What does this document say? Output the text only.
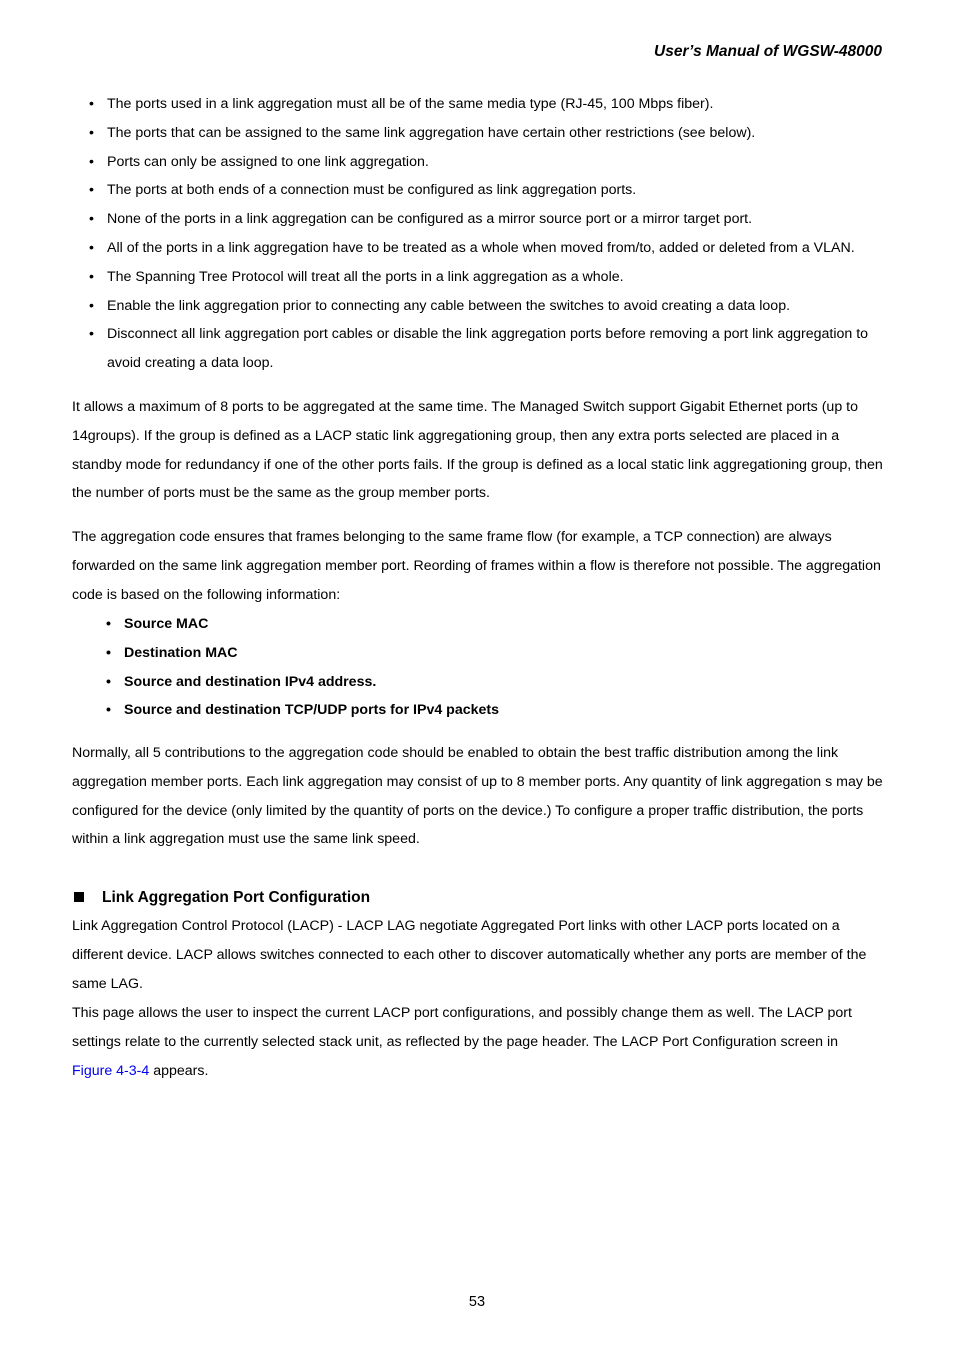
User’s Manual of WGSW-48000
• The ports used in a link aggregation must all be of the same media type (RJ-45, 100 Mbps fiber).
• The ports that can be assigned to the same link aggregation have certain other restrictions (see below).
• Ports can only be assigned to one link aggregation.
• The ports at both ends of a connection must be configured as link aggregation ports.
• None of the ports in a link aggregation can be configured as a mirror source port or a mirror target port.
• All of the ports in a link aggregation have to be treated as a whole when moved from/to, added or deleted from a VLAN.
• The Spanning Tree Protocol will treat all the ports in a link aggregation as a whole.
• Enable the link aggregation prior to connecting any cable between the switches to avoid creating a data loop.
• Disconnect all link aggregation port cables or disable the link aggregation ports before removing a port link aggregation to avoid creating a data loop.

It allows a maximum of 8 ports to be aggregated at the same time. The Managed Switch support Gigabit Ethernet ports (up to 14groups). If the group is defined as a LACP static link aggregationing group, then any extra ports selected are placed in a standby mode for redundancy if one of the other ports fails. If the group is defined as a local static link aggregationing group, then the number of ports must be the same as the group member ports.

The aggregation code ensures that frames belonging to the same frame flow (for example, a TCP connection) are always forwarded on the same link aggregation member port. Reording of frames within a flow is therefore not possible. The aggregation code is based on the following information:

• Source MAC
• Destination MAC
• Source and destination IPv4 address.
• Source and destination TCP/UDP ports for IPv4 packets

Normally, all 5 contributions to the aggregation code should be enabled to obtain the best traffic distribution among the link aggregation member ports. Each link aggregation may consist of up to 8 member ports. Any quantity of link aggregation s may be configured for the device (only limited by the quantity of ports on the device.) To configure a proper traffic distribution, the ports within a link aggregation must use the same link speed.

Link Aggregation Port Configuration

Link Aggregation Control Protocol (LACP) - LACP LAG negotiate Aggregated Port links with other LACP ports located on a different device. LACP allows switches connected to each other to discover automatically whether any ports are member of the same LAG.

This page allows the user to inspect the current LACP port configurations, and possibly change them as well. The LACP port settings relate to the currently selected stack unit, as reflected by the page header. The LACP Port Configuration screen in
Figure 4-3-4 appears.

53
